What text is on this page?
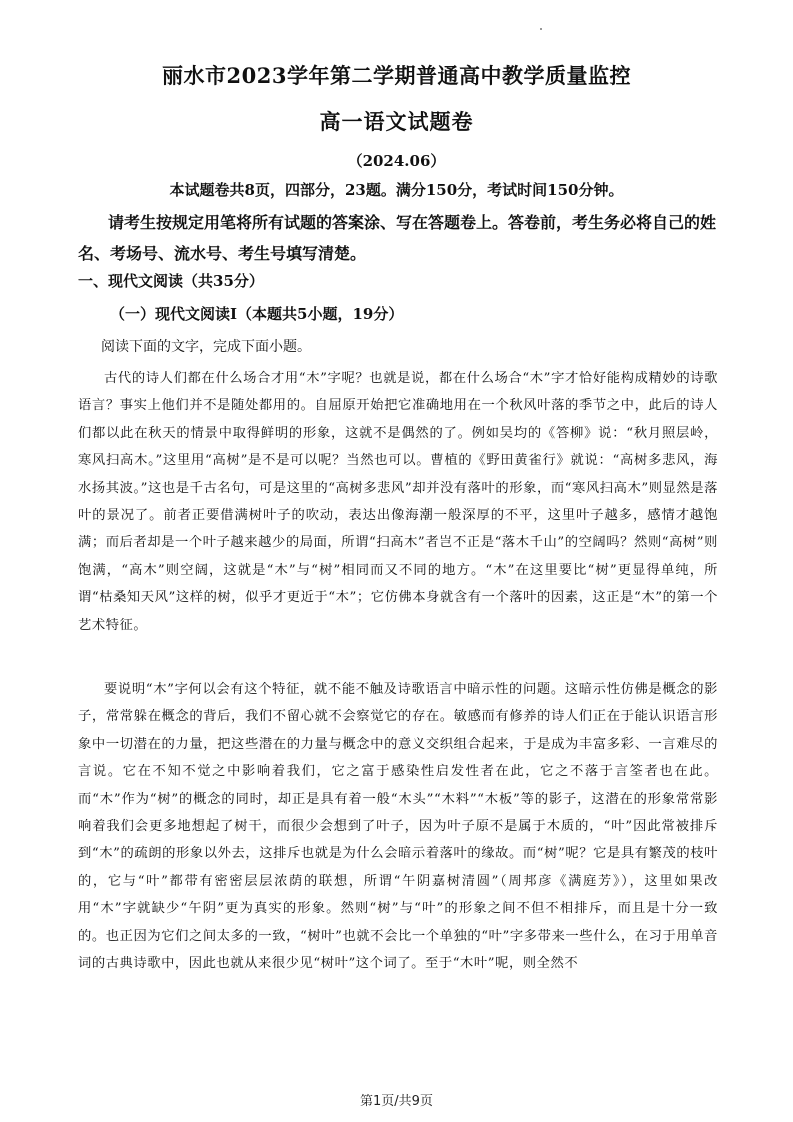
丽水市2023学年第二学期普通高中教学质量监控
高一语文试题卷
（2024.06）
本试题卷共8页，四部分，23题。满分150分，考试时间150分钟。
请考生按规定用笔将所有试题的答案涂、写在答题卷上。答卷前，考生务必将自己的姓名、考场号、流水号、考生号填写清楚。
一、现代文阅读（共35分）
（一）现代文阅读Ⅰ（本题共5小题，19分）
阅读下面的文字，完成下面小题。

古代的诗人们都在什么场合才用“木”字呢？也就是说，都在什么场合“木”字才恰好能构成精妙的诗歌语言？事实上他们并不是随处都用的。自屈原开始把它准确地用在一个秋风叶落的季节之中，此后的诗人们都以此在秋天的情景中取得鲜明的形象，这就不是偶然的了。例如吴均的《答柳》说：“秋月照层岭，寒风扫高木。”这里用“高树”是不是可以呢？当然也可以。曹植的《野田黄雀行》就说：“高树多悲风，海水扬其波。”这也是千古名句，可是这里的“高树多悲风”却并没有落叶的形象，而“寒风扫高木”则显然是落叶的景况了。前者正要借满树叶子的吹动，表达出像海潮一般深厚的不平，这里叶子越多，感情才越饱满；而后者却是一个叶子越来越少的局面，所谓“扫高木”者岂不正是“落木千山”的空阔吗？然则“高树”则饱满，“高木”则空阔，这就是“木”与“树”相同而又不同的地方。“木”在这里要比“树”更显得单纯，所谓“枯桑知天风”这样的树，似乎才更近于“木”；它仿佛本身就含有一个落叶的因素，这正是“木”的第一个艺术特征。

要说明“木”字何以会有这个特征，就不能不触及诗歌语言中暗示性的问题。这暗示性仿佛是概念的影子，常常躲在概念的背后，我们不留心就不会察觉它的存在。敏感而有修养的诗人们正在于能认识语言形象中一切潜在的力量，把这些潜在的力量与概念中的意义交织组合起来，于是成为丰富多彩、一言难尽的言说。它在不知不觉之中影响着我们，它之富于感染性启发性者在此，它之不落于言筌者也在此。而“木”作为“树”的概念的同时，却正是具有着一般“木头”“木料”“木板”等的影子，这潜在的形象常常影响着我们会更多地想起了树干，而很少会想到了叶子，因为叶子原不是属于木质的，“叶”因此常被排斥到“木”的疏朗的形象以外去，这排斥也就是为什么会暗示着落叶的缘故。而“树”呢？它是具有繁茂的枝叶的，它与“叶”都带有密密层层浓荫的联想，所谓“午阴嘉树清圆”（周邦彦《满庭芳》），这里如果改用“木”字就缺少“午阴”更为真实的形象。然则“树”与“叶”的形象之间不但不相排斥，而且是十分一致的。也正因为它们之间太多的一致，“树叶”也就不会比一个单独的“叶”字多带来一些什么，在习于用单音词的古典诗歌中，因此也就从来很少见“树叶”这个词了。至于“木叶”呢，则全然不

第1页/共9页
